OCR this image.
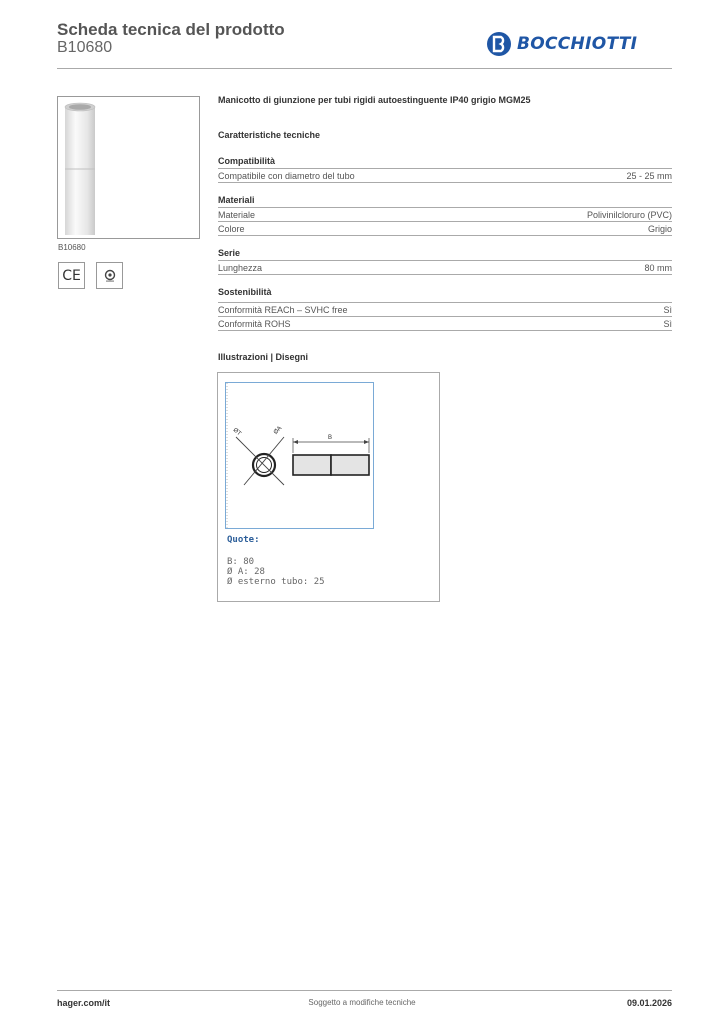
Scheda tecnica del prodotto
B10680	BOCCHIOTTI
B10680
CE
Manicotto di giunzione per tubi rigidi autoestinguente IP40 grigio MGM25
Caratteristiche tecniche
Compatibilità
Compatibile con diametro del tubo	25 - 25 mm
Materiali
Materiale	Polivinilcloruro (PVC)
Colore	Grigio
Serie
Lunghezza	80 mm
Sostenibilità
Conformità REACh – SVHC free	Sì
Conformità ROHS	Sì
Illustrazioni | Disegni
ØT	ØA
B
Quote:
B: 80
Ø A: 28
Ø esterno tubo: 25
hager.com/it	Soggetto a modifiche tecniche	09.01.2026
